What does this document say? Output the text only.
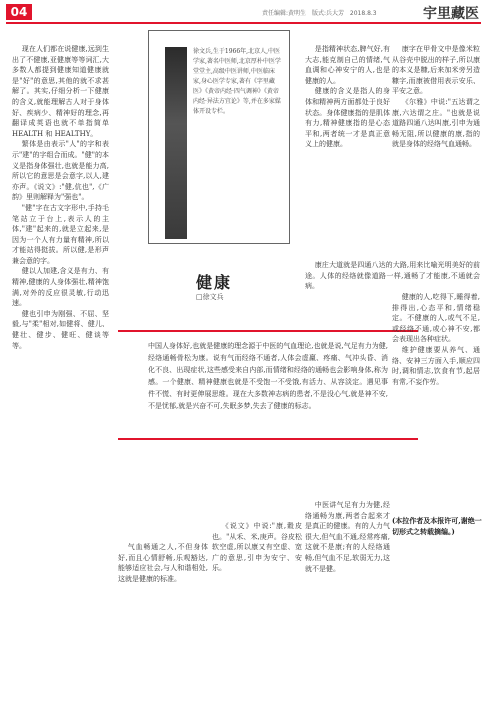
04	责任编辑:黄明生 版式:兵大芳 2018.8.3	宇里藏医

现在人们都在说健康,远到生出了不健康,亚健康等等词汇,大多数人都提到健康知道健康就是"好"的意思,其他的就不求甚解了。其实,仔细分析一下健康的含义,就能理解古人对于身体好、疾病少、精神好的理念,再翻译成英语也就不单指简单 HEALTH 和 HEALTHY。

繁体是由表示"人"的字和表示"建"的字组合而成。"健"的本义是指身体强壮,也就是能力高,所以它的意思是会意字,以人,建亦声。《说文》:"健,伉也",《广韵》里则解释为"强也"。

"健"字在古文字形中,手持毛笔站立于台上,表示人的主体,"建"起来的,就是立起来,是因为一个人有力量有精神,所以才能站得挺拔。所以健,是形声兼会意的字。

健以人加建,含义是有力、有精神,健康的人身体强壮,精神饱满,对外的反应很灵敏,行动迅速。

健也引申为刚强、不屈、坚毅,与"柔"相对,如健将、健儿、健壮、健步、健旺、健谈等等。

徐文兵,生于1966年,北京人,中医学家,著名中医师,北京厚朴中医学堂堂主,高级中医讲师,中医临床家,身心医学专家,著有《字里藏医》《黄帝内经·四气调神》《黄帝内经·异法方宜论》等,并在多家媒体开设专栏。
健康
□徐文兵

是指精神状态,脾气好,有大志,能克制自己的情绪,气血调和心神安宁的人,也是健康的人。

健康的含义是指人的身体和精神两方面都处于良好状态。身体健康指的是肌体有力,精神健康指的是心态平和,两者统一才是真正意义上的健康。

康字在甲骨文中是像米粒从谷壳中脱出的样子,所以康的本义是糠,后来加米旁另造糠字,而康被借用表示安乐、平安之意。

《尔雅》中说:"五达谓之康,六达谓之庄。"也就是说道路四通八达叫康,引申为通畅无阻,所以健康的康,指的就是身体的经络气血通畅。

康庄大道就是四通八达的大路,用来比喻光明美好的前途。人体的经络就像道路一样,通畅了才能康,不通就会病。

中国人身体好,也就是健康的理念源于中医的气血理论,也就是说,气足有力为健,经络通畅骨松为康。说有气而经络不通者,人体会虚羸、疼痛、气冲头昏、消化不良、出现症状,这些感受来自内部,而情绪和经络的通畅也会影响身体,称为感。一个健康、精神健康也就是不受饱一不受饿,有活力、从容淡定。遇见事件不慌、有时更伸展思维。现在大多数神志病的患者,不是没心气,就是神不安,不是忧郁,就是兴奋不可,失眠多梦,失去了健康的标志。

气血畅通之人,不但身体好,而且心情舒畅,乐观豁达,能够适应社会,与人和谐相处,这就是健康的标准。

《说文》中说:"康,穀皮也。"从禾、米,庚声。谷皮松软空虚,所以康又有空虚、宽广的意思,引申为安宁、安乐。

中医讲气足有力为健,经络通畅为康,两者合起来才是真正的健康。有的人力气很大,但气血不通,经常疼痛,这就不是康;有的人经络通畅,但气血不足,软弱无力,这就不是健。

健康的人,吃得下,睡得着,排得出,心态平和,情绪稳定。不健康的人,或气不足,或经络不通,或心神不安,都会表现出各种症状。

维护健康要从养气、通络、安神三方面入手,顺应四时,调和情志,饮食有节,起居有常,不妄作劳。

(本拉作者及本报许可,谢绝一切形式之转载摘编。)
